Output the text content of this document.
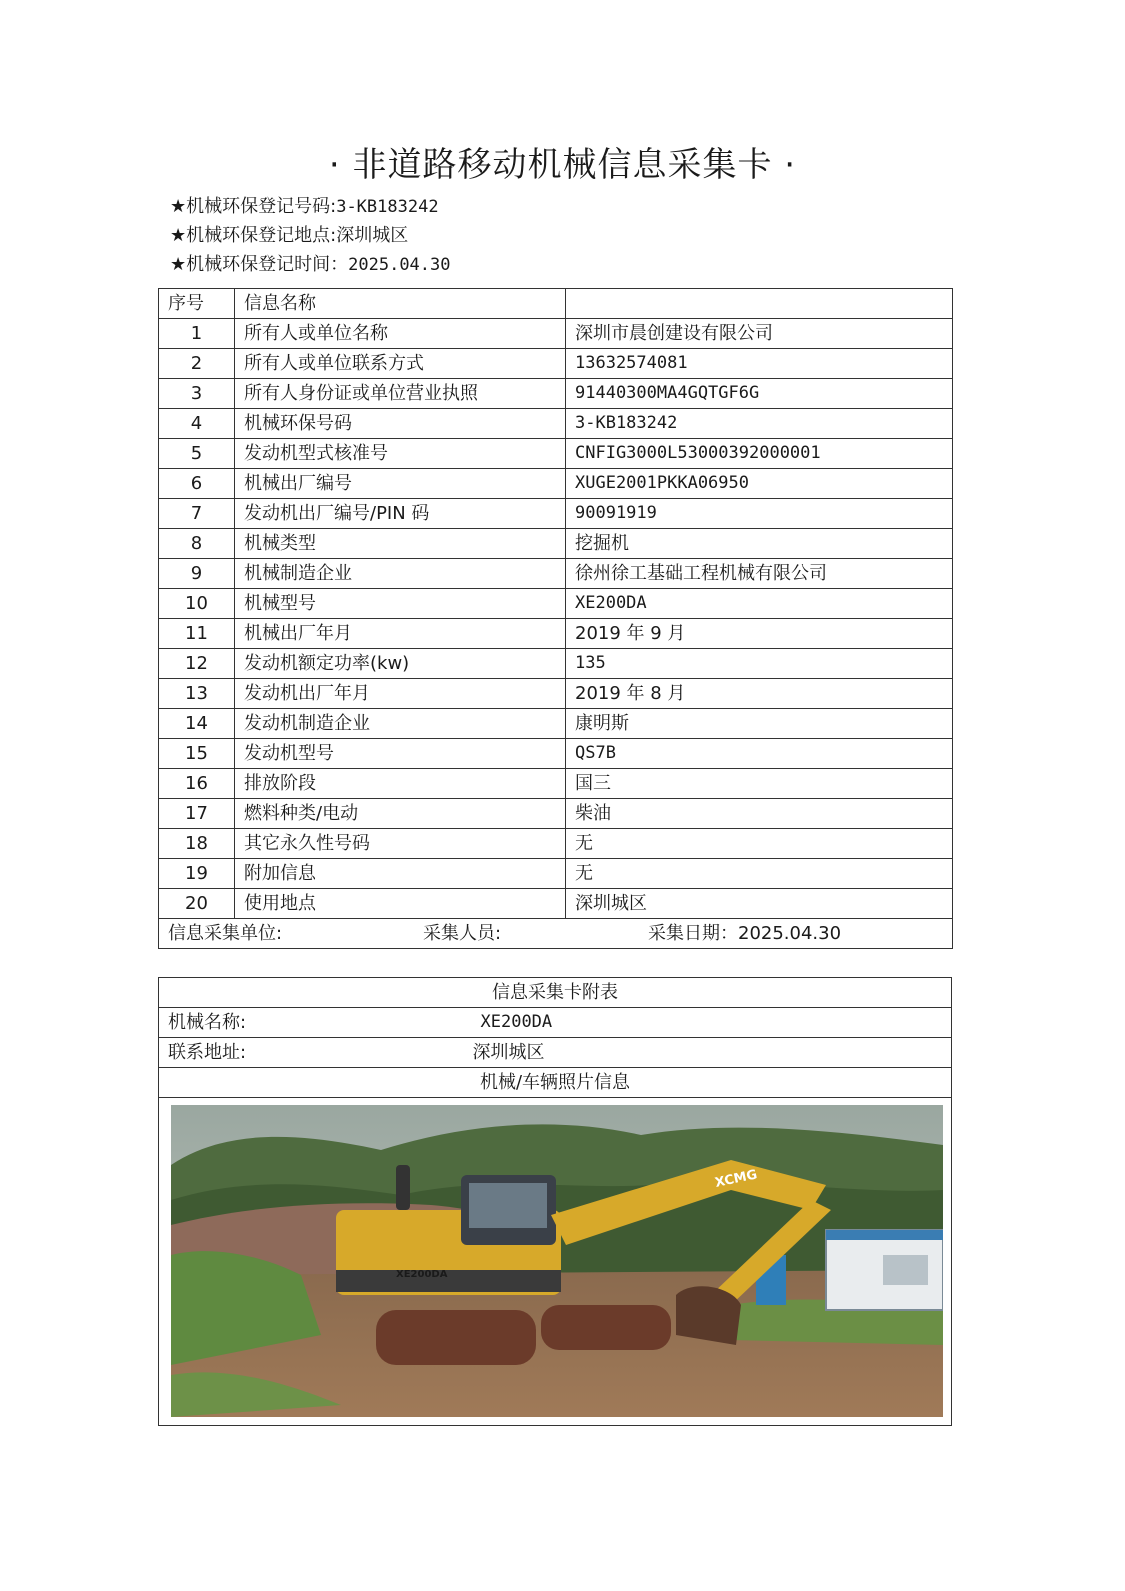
· 非道路移动机械信息采集卡 ·
★机械环保登记号码:3-KB183242
★机械环保登记地点:深圳城区
★机械环保登记时间：2025.04.30
序号	信息名称	
1	所有人或单位名称	深圳市晨创建设有限公司
2	所有人或单位联系方式	13632574081
3	所有人身份证或单位营业执照	91440300MA4GQTGF6G
4	机械环保号码	3-KB183242
5	发动机型式核准号	CNFIG3000L53000392000001
6	机械出厂编号	XUGE2001PKKA06950
7	发动机出厂编号/PIN 码	90091919
8	机械类型	挖掘机
9	机械制造企业	徐州徐工基础工程机械有限公司
10	机械型号	XE200DA
11	机械出厂年月	2019 年 9 月
12	发动机额定功率(kw)	135
13	发动机出厂年月	2019 年 8 月
14	发动机制造企业	康明斯
15	发动机型号	QS7B
16	排放阶段	国三
17	燃料种类/电动	柴油
18	其它永久性号码	无
19	附加信息	无
20	使用地点	深圳城区

信息采集单位: 采集人员: 采集日期：2025.04.30		
信息采集卡附表
机械名称:	XE200DA

联系地址:	深圳城区

机械/车辆照片信息

XCMG
XE200DA
